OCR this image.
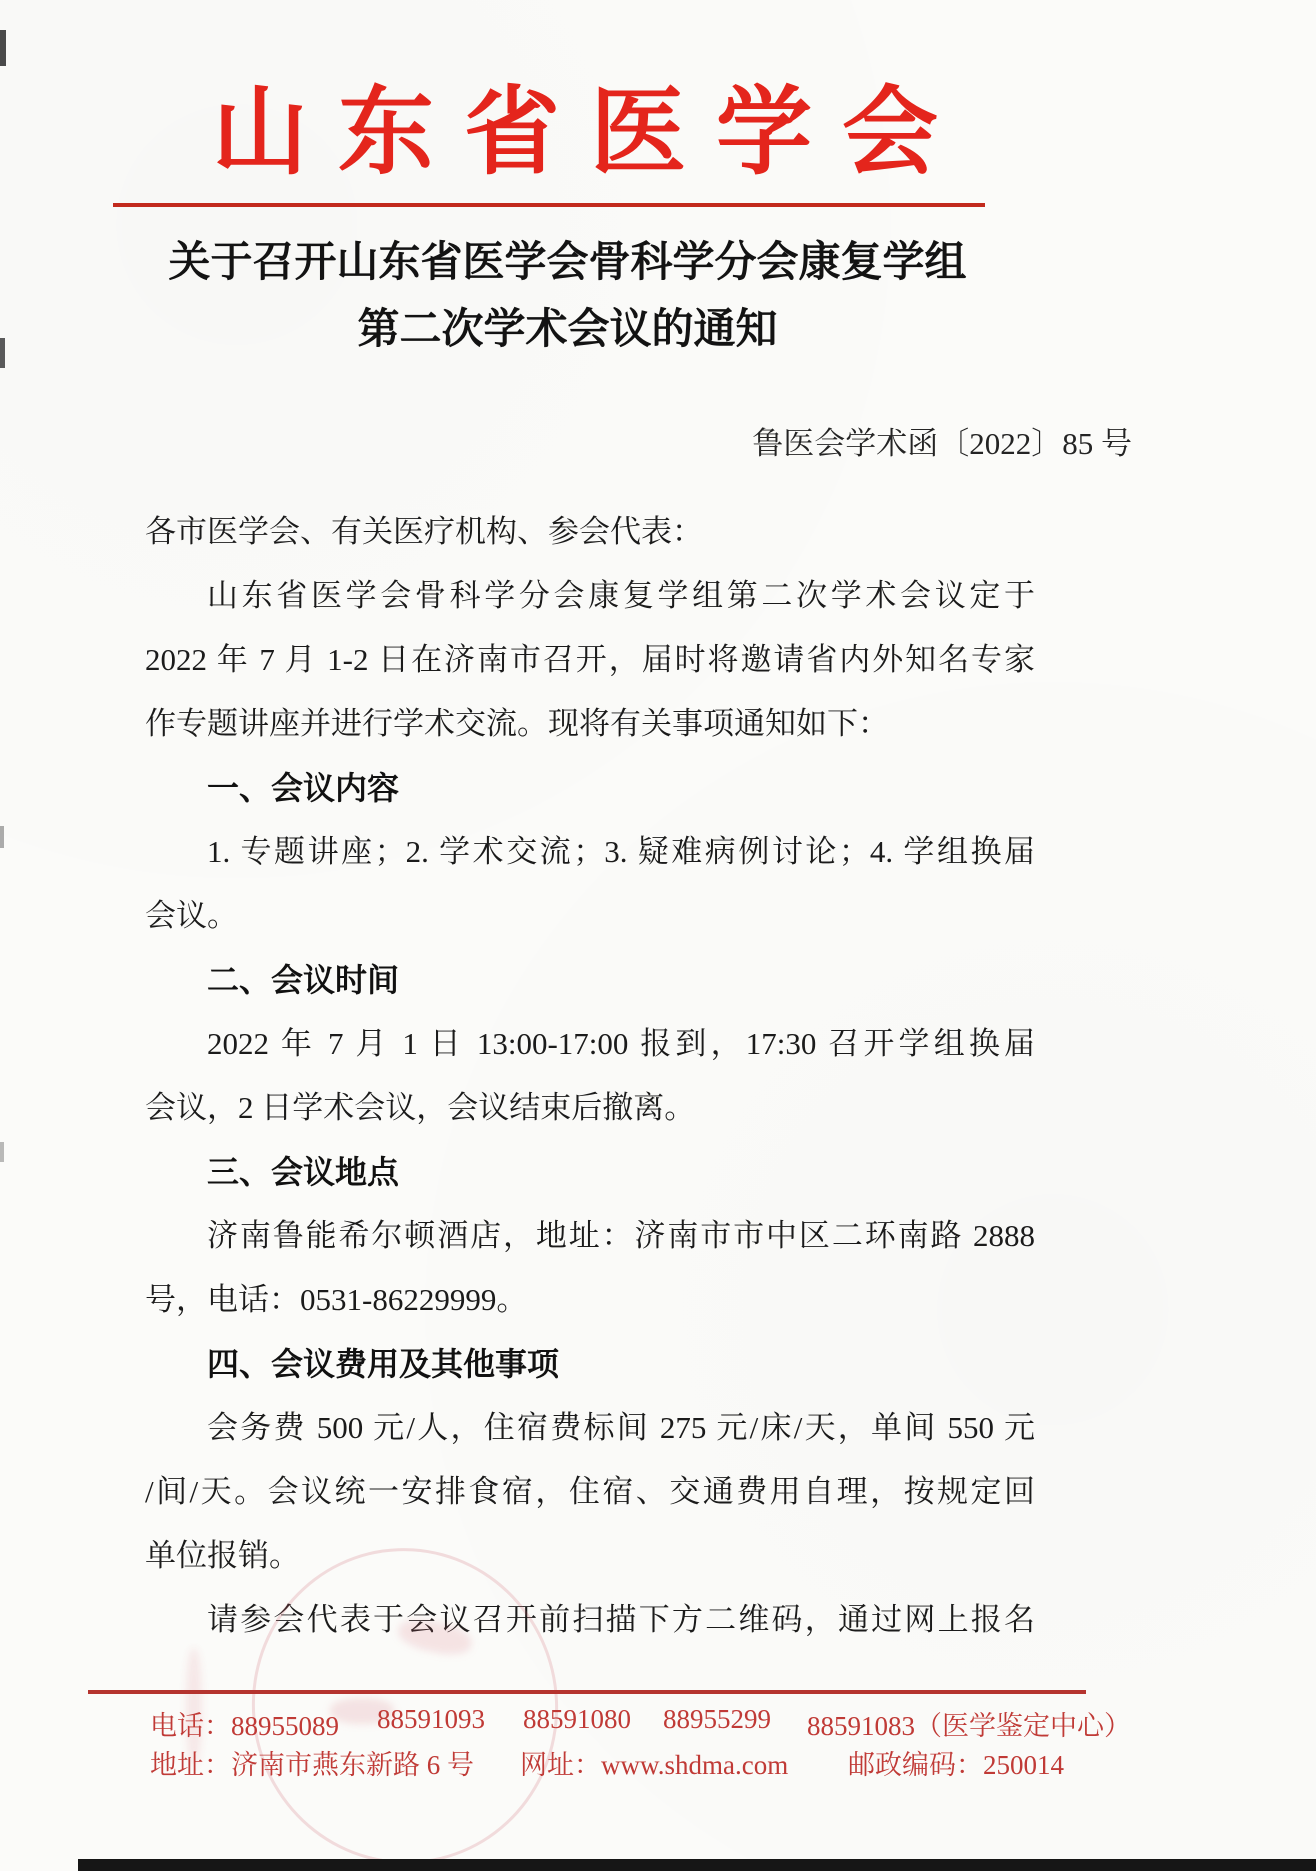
山东省医学会
关于召开山东省医学会骨科学分会康复学组
第二次学术会议的通知
鲁医会学术函〔2022〕85 号
各市医学会、有关医疗机构、参会代表：
山东省医学会骨科学分会康复学组第二次学术会议定于
2022 年 7 月 1-2 日在济南市召开，届时将邀请省内外知名专家
作专题讲座并进行学术交流。现将有关事项通知如下：
一、会议内容
1. 专题讲座；2. 学术交流；3. 疑难病例讨论；4. 学组换届
会议。
二、会议时间
2022 年 7 月 1 日 13:00-17:00 报到，17:30 召开学组换届
会议，2 日学术会议，会议结束后撤离。
三、会议地点
济南鲁能希尔顿酒店，地址：济南市市中区二环南路 2888
号，电话：0531-86229999。
四、会议费用及其他事项
会务费 500 元/人，住宿费标间 275 元/床/天，单间 550 元
/间/天。会议统一安排食宿，住宿、交通费用自理，按规定回
单位报销。
请参会代表于会议召开前扫描下方二维码，通过网上报名
电话：88955089 88591093 88591080 88955299 88591083（医学鉴定中心）
地址：济南市燕东新路 6 号 网址：www.shdma.com 邮政编码：250014
